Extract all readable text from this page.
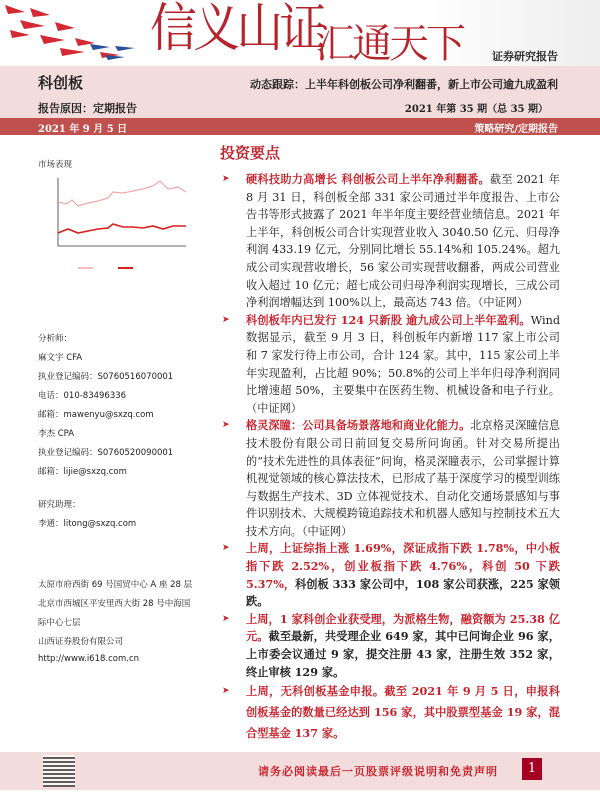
信义山证
汇通天下	证券研究报告
科创板	动态跟踪：上半年科创板公司净利翻番，新上市公司逾九成盈利
报告原因：定期报告	2021 年第 35 期（总 35 期）
2021 年 9 月 5 日	策略研究/定期报告
市场表现
分析师：
麻文宇 CFA
执业登记编码：S0760516070001
电话：010-83496336
邮箱：mawenyu@sxzq.com
李杰 CPA
执业登记编码：S0760520090001
邮箱：lijie@sxzq.com
研究助理：
李通：litong@sxzq.com
太原市府西街 69 号国贸中心 A 座 28 层
北京市西城区平安里西大街 28 号中海国
际中心七层
山西证券股份有限公司
http://www.i618.com.cn
投资要点
➤ 硬科技助力高增长 科创板公司上半年净利翻番。截至 2021 年 8 月 31 日，科创板全部 331 家公司通过半年度报告、上市公告书等形式披露了 2021 年半年度主要经营业绩信息。2021 年上半年，科创板公司合计实现营业收入 3040.50 亿元、归母净利润 433.19 亿元，分别同比增长 55.14%和 105.24%。超九成公司实现营收增长，56 家公司实现营收翻番，两成公司营业收入超过 10 亿元；超七成公司归母净利润实现增长，三成公司净利润增幅达到 100%以上，最高达 743 倍。（中证网）
➤ 科创板年内已发行 124 只新股 逾九成公司上半年盈利。Wind 数据显示，截至 9 月 3 日，科创板年内新增 117 家上市公司和 7 家发行待上市公司，合计 124 家。其中，115 家公司上半年实现盈利，占比超 90%；50.8%的公司上半年归母净利润同比增速超 50%，主要集中在医药生物、机械设备和电子行业。（中证网）
➤ 格灵深瞳：公司具备场景落地和商业化能力。北京格灵深瞳信息技术股份有限公司日前回复交易所问询函。针对交易所提出的“技术先进性的具体表征”问询，格灵深瞳表示，公司掌握计算机视觉领域的核心算法技术，已形成了基于深度学习的模型训练与数据生产技术、3D 立体视觉技术、自动化交通场景感知与事件识别技术、大规模跨镜追踪技术和机器人感知与控制技术五大技术方向。（中证网）
➤ 上周，上证综指上涨 1.69%，深证成指下跌 1.78%，中小板指下跌 2.52%，创业板指下跌 4.76%，科创 50 下跌 5.37%，科创板 333 家公司中，108 家公司获涨，225 家领跌。
➤ 上周，1 家科创企业获受理，为派格生物，融资额为 25.38 亿元。截至最新，共受理企业 649 家，其中已问询企业 96 家，上市委会议通过 9 家，提交注册 43 家，注册生效 352 家，终止审核 129 家。
➤ 上周，无科创板基金申报。截至 2021 年 9 月 5 日，申报科创板基金的数量已经达到 156 家，其中股票型基金 19 家，混合型基金 137 家。
请务必阅读最后一页股票评级说明和免责声明	1
